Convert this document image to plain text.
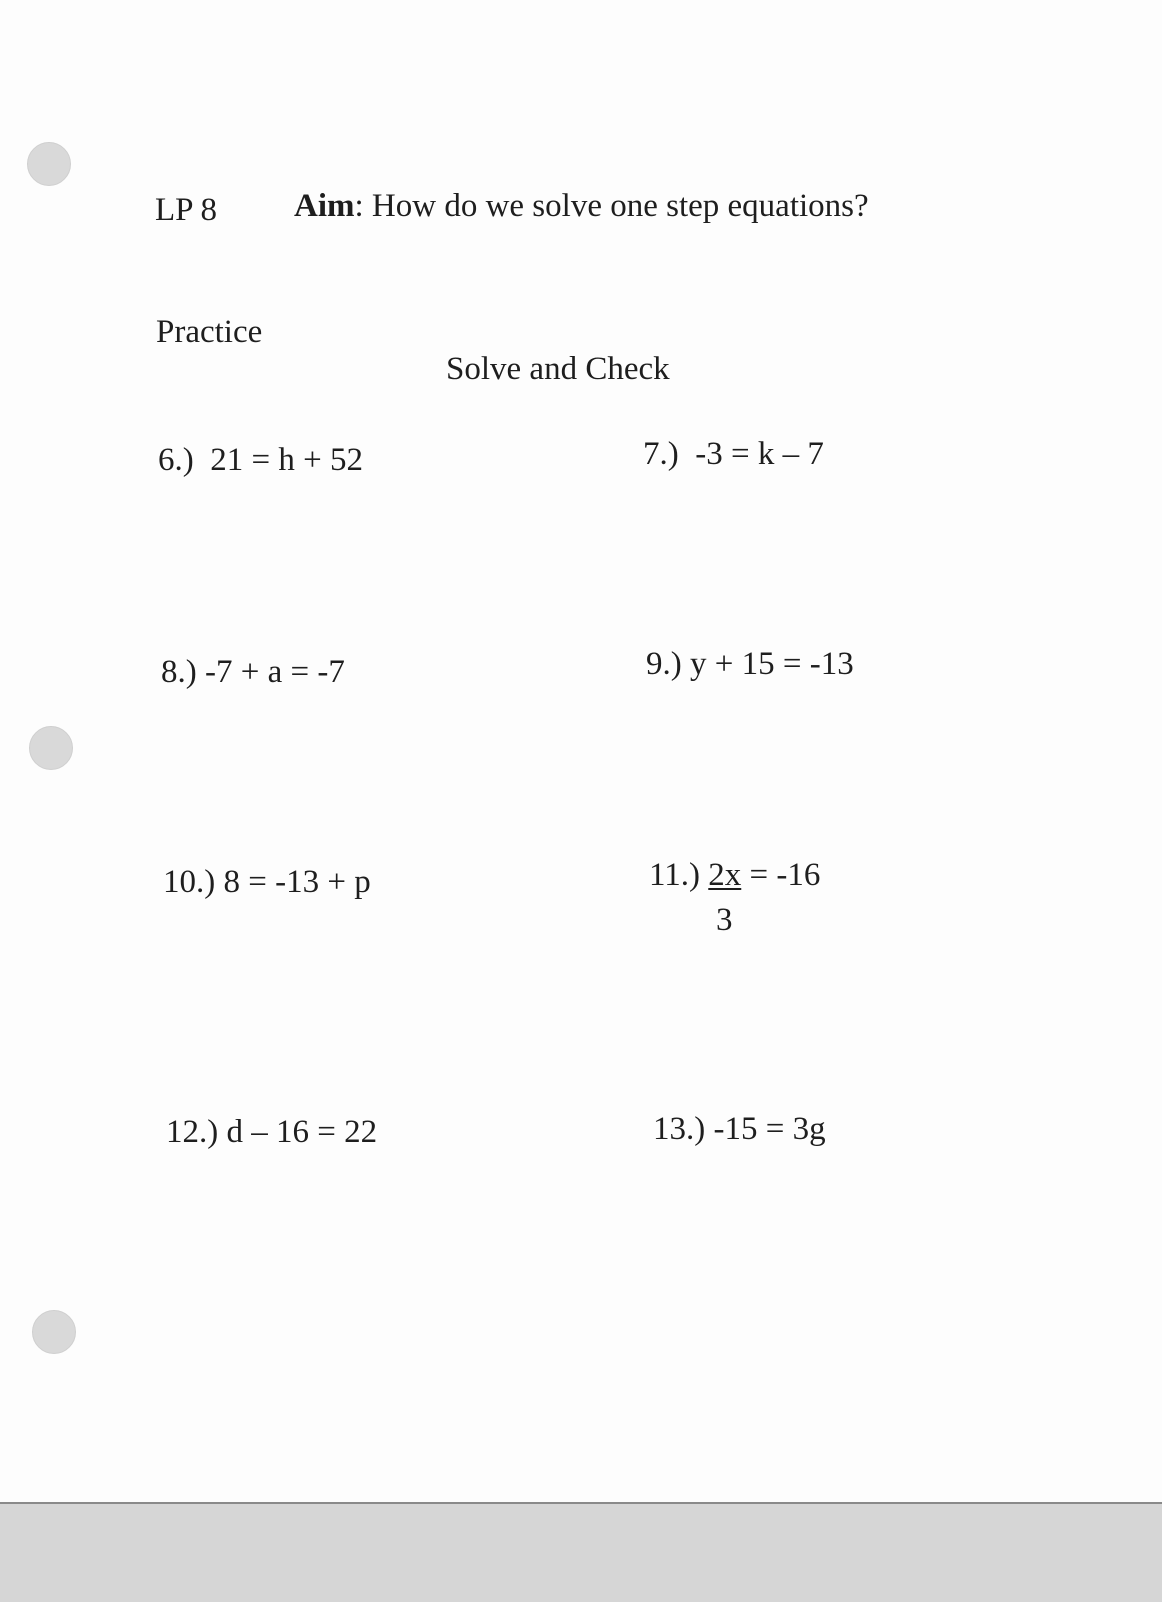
LP 8 Aim: How do we solve one step equations?
Practice
Solve and Check
6.) 21 = h + 52	7.) -3 = k – 7
8.) -7 + a = -7	9.) y + 15 = -13
10.) 8 = -13 + p	11.) 2x = -16
3
12.) d – 16 = 22	13.) -15 = 3g
